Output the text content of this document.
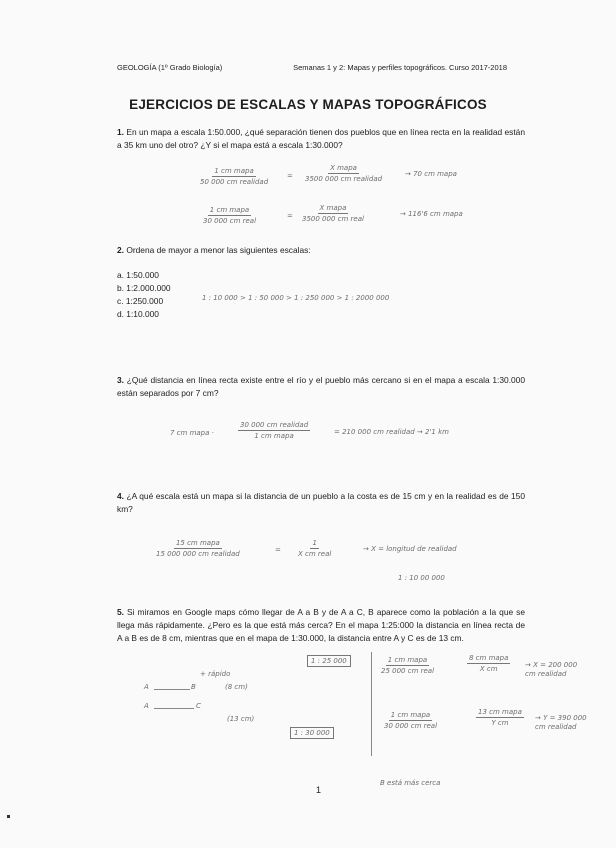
GEOLOGÍA (1º Grado Biología)	Semanas 1 y 2: Mapas y perfiles topográficos. Curso 2017-2018
EJERCICIOS DE ESCALAS Y MAPAS TOPOGRÁFICOS
1. En un mapa a escala 1:50.000, ¿qué separación tienen dos pueblos que en línea recta en la realidad están a 35 km uno del otro? ¿Y si el mapa está a escala 1:30.000?
1 cm mapa
50 000 cm realidad
=
X mapa
3500 000 cm realidad
→ 70 cm mapa
1 cm mapa
30 000 cm real
=
X mapa
3500 000 cm real
→ 116'6 cm mapa
2. Ordena de mayor a menor las siguientes escalas:
a. 1:50.000
b. 1:2.000.000
c. 1:250.000
d. 1:10.000
1 : 10 000 > 1 : 50 000 > 1 : 250 000 > 1 : 2000 000
3. ¿Qué distancia en línea recta existe entre el río y el pueblo más cercano si en el mapa a escala 1:30.000 están separados por 7 cm?
7 cm mapa ·
30 000 cm realidad
1 cm mapa	= 210 000 cm realidad → 2'1 km
4. ¿A qué escala está un mapa si la distancia de un pueblo a la costa es de 15 cm y en la realidad es de 150 km?
15 cm mapa
15 000 000 cm realidad	=
1
X cm real
→ X = longitud de realidad
1 : 10 00 000
5. Si miramos en Google maps cómo llegar de A a B y de A a C, B aparece como la población a la que se llega más rápidamente. ¿Pero es la que está más cerca? En el mapa 1:25:000 la distancia en línea recta de A a B es de 8 cm, mientras que en el mapa de 1:30.000, la distancia entre A y C es de 13 cm.
A	B
+ rápido
(8 cm)
A	C
(13 cm)
1 : 25 000	1 cm mapa
25 000 cm real
8 cm mapa
X cm	→ X = 200 000 cm realidad
1 : 30 000
1 cm mapa
30 000 cm real
13 cm mapa
Y cm
→ Y = 390 000 cm realidad
B está más cerca
1
